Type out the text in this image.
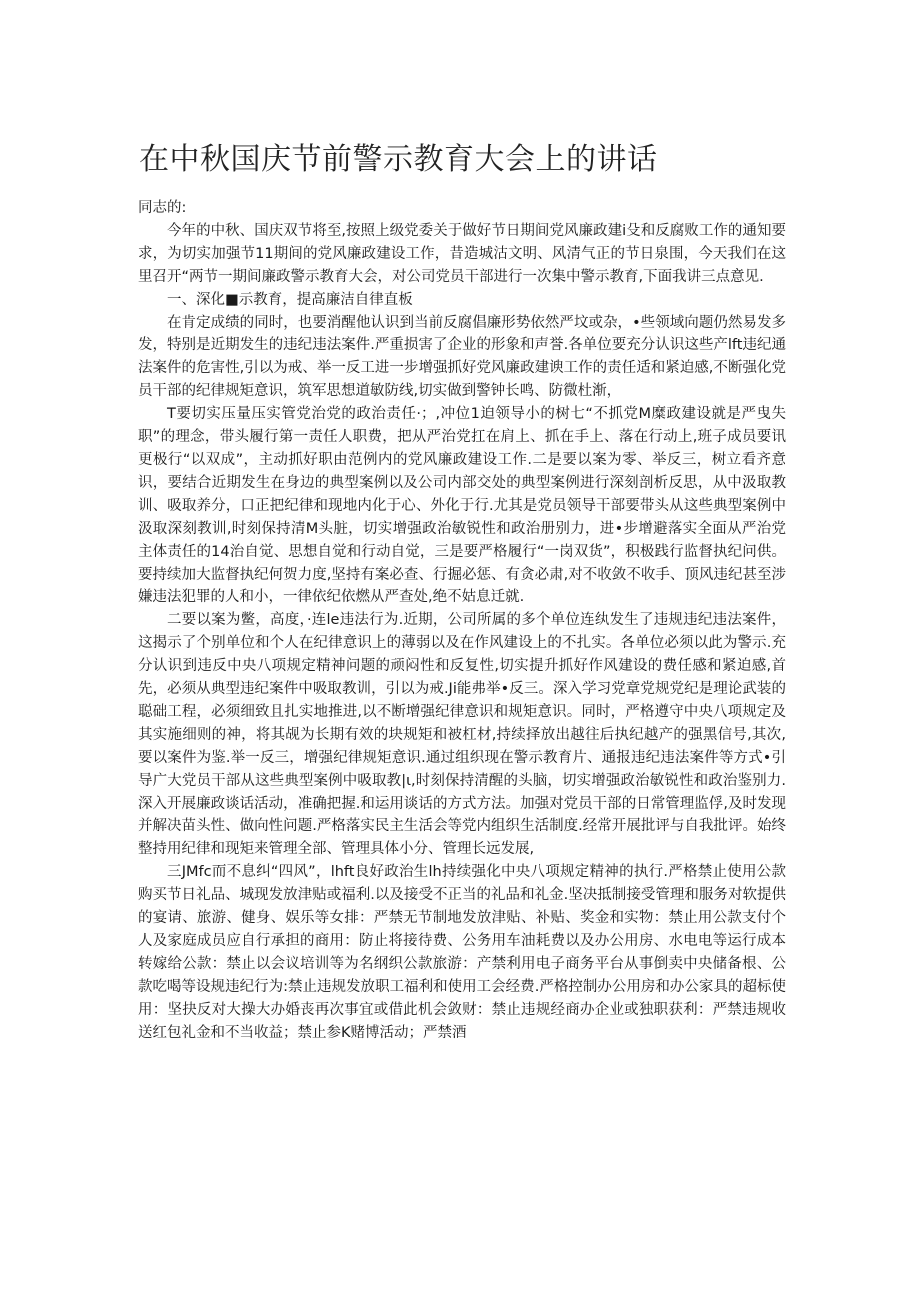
在中秋国庆节前警示教育大会上的讲话

同志的:

今年的中秋、国庆双节将至,按照上级党委关于做好节日期间党风廉政建i殳和反腐败工作的通知要求，为切实加强节11期间的党风廉政建设工作，昔造城沽文明、风清气正的节日泉围，今天我们在这里召开“两节一期间廉政警示教育大会，对公司党员干部进行一次集中警示教育,下面我讲三点意见.

一、深化■示教育，提高廉洁自律直板

在肯定成绩的同时，也要消醒他认识到当前反腐倡廉形势依然严坟或杂，•些领域向题仍然易发多发，特别是近期发生的违纪违法案件.严重损害了企业的形象和声誉.各单位要充分认识这些产lft违纪通法案件的危害性,引以为戒、举一反工进一步增强抓好党风廉政建谀工作的责任适和紧迫感,不断强化党员干部的纪律规矩意识，筑军思想道敏防线,切实做到警钟长鸣、防微杜渐，

T要切实压量压实管党治党的政治责任·；,冲位1迫领导小的树七“不抓党M糜政建设就是严曳失职”的理念，带头履行第一责任人职费，把从严治党扛在肩上、抓在手上、落在行动上,班子成员要讯更极行“以双成”，主动抓好职由范例内的党风廉政建设工作.二是要以案为零、举反三，树立看齐意识，要结合近期发生在身边的典型案例以及公司内部交处的典型案例进行深刻剖析反思，从中汲取教训、吸取养分，口正把纪律和现地内化于心、外化于行.尤其是党员领导干部要带头从这些典型案例中汲取深刻教训,时刻保持清M头脏，切实增强政治敏锐性和政治册别力，进•步增避落实全面从严治党主体责任的14治自觉、思想自觉和行动自觉，三是要严格履行“一岗双货”，积极践行监督执纪问供。要持续加大监督执纪何贺力度,坚持有案必查、行掘必惩、有贪必肃,对不收敛不收手、顶风违纪甚至涉嫌违法犯罪的人和小，一律依纪依燃从严查处,绝不姑息迁就.

二要以案为鳖，高度，·连le违法行为.近期，公司所属的多个单位连纨发生了违规违纪违法案件，这揭示了个别单位和个人在纪律意识上的薄弱以及在作风建设上的不扎实。各单位必须以此为警示.充分认识到违反中央八项规定精神问题的顽闷性和反复性,切实提升抓好作风建设的费任感和紧迫感,首先，必须从典型违纪案件中吸取教训，引以为戒.Ji能弗举•反三。深入学习党章党规党纪是理论武装的聪础工程，必须细致且扎实地推进,以不断增强纪律意识和规矩意识。同时，严格遵守中央八项规定及其实施细则的神，将其觇为长期有效的块规矩和被杠材,持续择放出越往后执纪越产的强黑信号,其次,要以案件为鉴.举一反三，增强纪律规矩意识.通过组织现在警示教育片、通报违纪违法案件等方式•引导广大党员干部从这些典型案例中吸取教|ι,时刻保持清醒的头脑，切实增强政治敏锐性和政治鉴别力.深入开展廉政谈话活动，准确把握.和运用谈话的方式方法。加强对党员干部的日常管理监俘,及时发现并解决苗头性、做向性问题.严格落实民主生活会等党内组织生活制度.经常开展批评与自我批评。始终整持用纪律和现矩来管理全部、管理具体小分、管理长远发展,

三JMfc而不息纠“四风”，lhft良好政治生lh持续强化中央八项规定精神的执行.严格禁止使用公款购买节日礼品、城现发放津贴或福利.以及接受不正当的礼品和礼金.坚决抵制接受管理和服务对软提供的宴请、旅游、健身、娱乐等女排：严禁无节制地发放津贴、补贴、奖金和实物：禁止用公款支付个人及家庭成员应自行承担的商用：防止将接待费、公务用车油耗费以及办公用房、水电电等运行成本转嫁给公款：禁止以会议培训等为名纲织公款旅游：产禁利用电子商务平台从事倒卖中央储备根、公款吃喝等设规违纪行为:禁止违规发放职工福利和使用工会经费.严格控制办公用房和办公家具的超标使用：坚抉反对大操大办婚丧再次事宜或借此机会敛财：禁止违规经商办企业或独职获利：严禁违规收送红包礼金和不当收益；禁止参K赌博活动；严禁酒
